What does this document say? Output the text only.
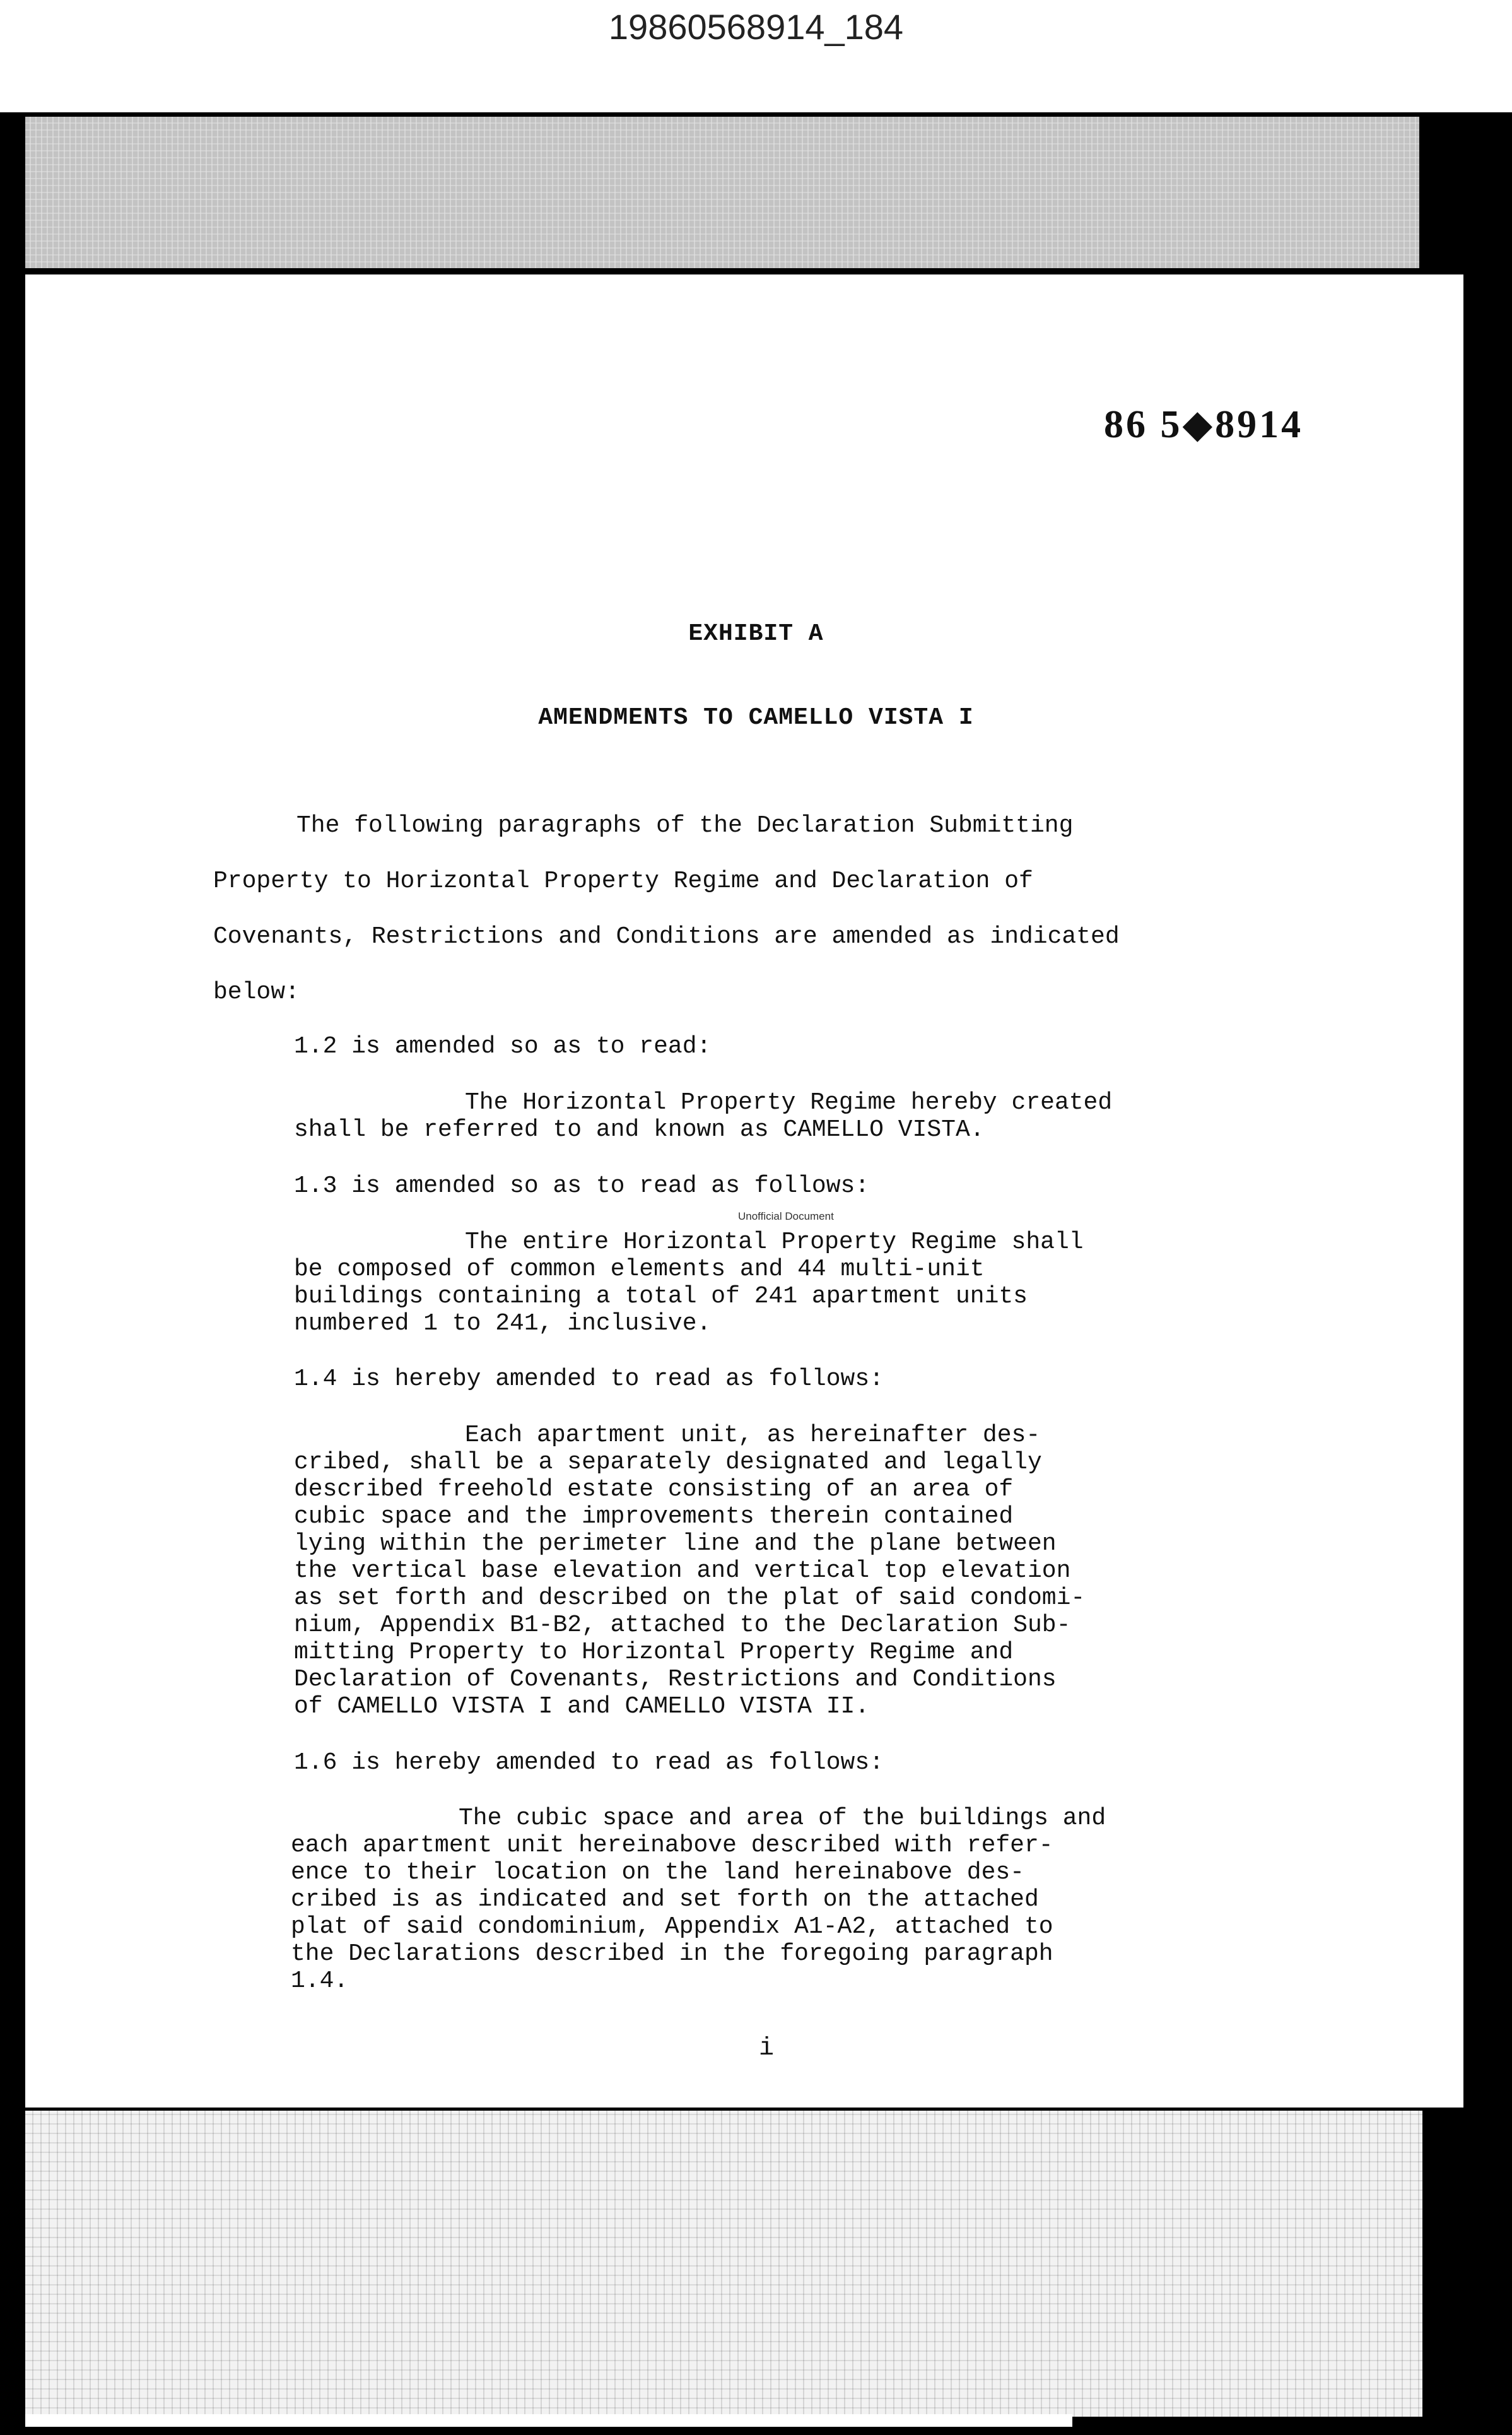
19860568914_184
86 5◆8914
EXHIBIT A
AMENDMENTS TO CAMELLO VISTA I
The following paragraphs of the Declaration Submitting
Property to Horizontal Property Regime and Declaration of
Covenants, Restrictions and Conditions are amended as indicated
below:
1.2 is amended so as to read:
The Horizontal Property Regime hereby created
shall be referred to and known as CAMELLO VISTA.
1.3 is amended so as to read as follows:
Unofficial Document
The entire Horizontal Property Regime shall
be composed of common elements and 44 multi-unit
buildings containing a total of 241 apartment units
numbered 1 to 241, inclusive.
1.4 is hereby amended to read as follows:
Each apartment unit, as hereinafter des-
cribed, shall be a separately designated and legally
described freehold estate consisting of an area of
cubic space and the improvements therein contained
lying within the perimeter line and the plane between
the vertical base elevation and vertical top elevation
as set forth and described on the plat of said condomi-
nium, Appendix B1-B2, attached to the Declaration Sub-
mitting Property to Horizontal Property Regime and
Declaration of Covenants, Restrictions and Conditions
of CAMELLO VISTA I and CAMELLO VISTA II.
1.6 is hereby amended to read as follows:
The cubic space and area of the buildings and
each apartment unit hereinabove described with refer-
ence to their location on the land hereinabove des-
cribed is as indicated and set forth on the attached
plat of said condominium, Appendix A1-A2, attached to
the Declarations described in the foregoing paragraph
1.4.
i
